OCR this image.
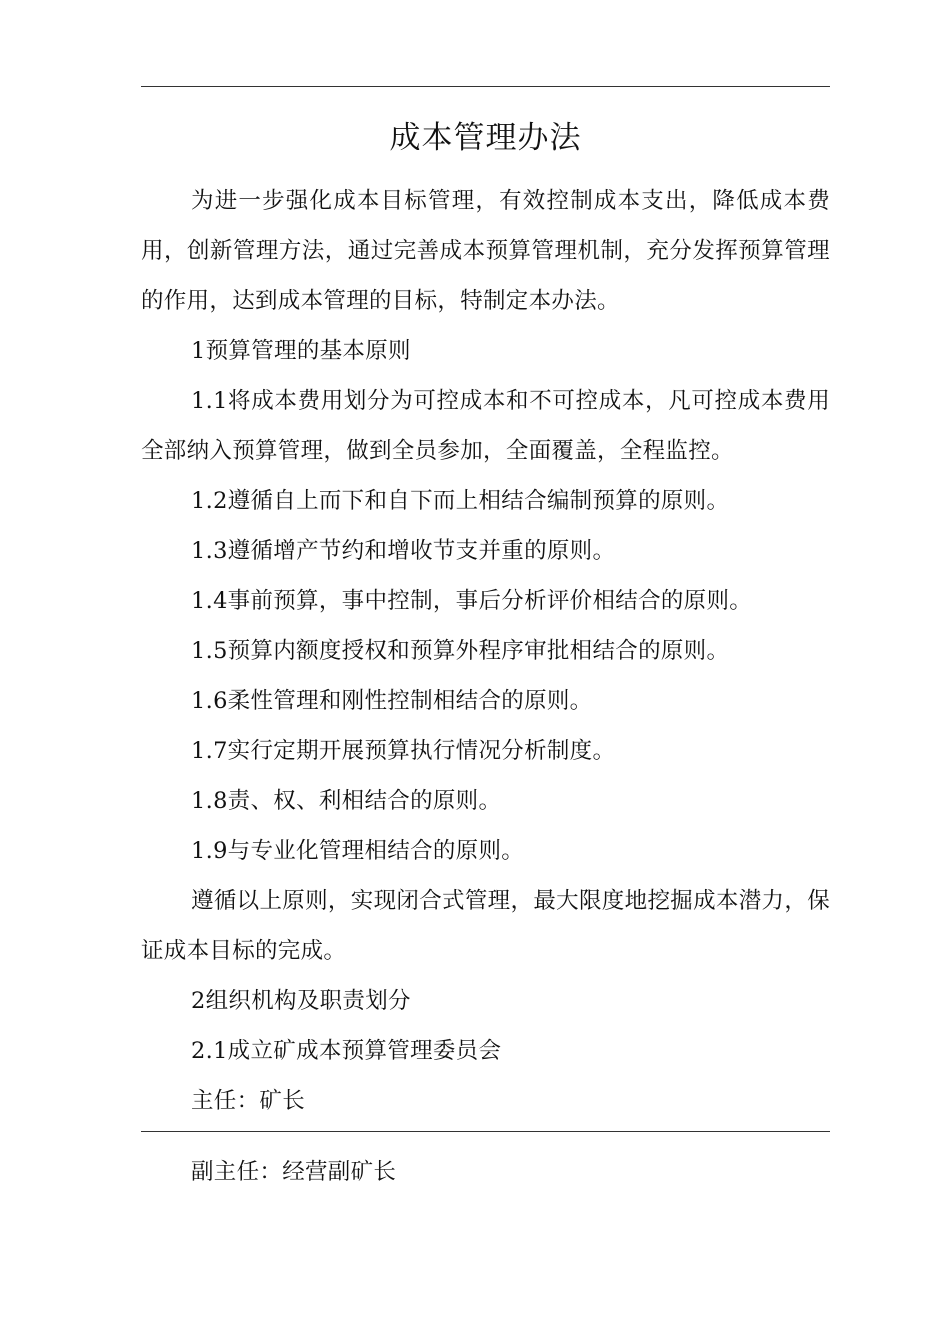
成本管理办法

为进一步强化成本目标管理，有效控制成本支出，降低成本费用，创新管理方法，通过完善成本预算管理机制，充分发挥预算管理的作用，达到成本管理的目标，特制定本办法。

1预算管理的基本原则

1.1将成本费用划分为可控成本和不可控成本，凡可控成本费用全部纳入预算管理，做到全员参加，全面覆盖，全程监控。

1.2遵循自上而下和自下而上相结合编制预算的原则。

1.3遵循增产节约和增收节支并重的原则。

1.4事前预算，事中控制，事后分析评价相结合的原则。

1.5预算内额度授权和预算外程序审批相结合的原则。

1.6柔性管理和刚性控制相结合的原则。

1.7实行定期开展预算执行情况分析制度。

1.8责、权、利相结合的原则。

1.9与专业化管理相结合的原则。

遵循以上原则，实现闭合式管理，最大限度地挖掘成本潜力，保证成本目标的完成。

2组织机构及职责划分

2.1成立矿成本预算管理委员会

主任：矿长

副主任：经营副矿长
